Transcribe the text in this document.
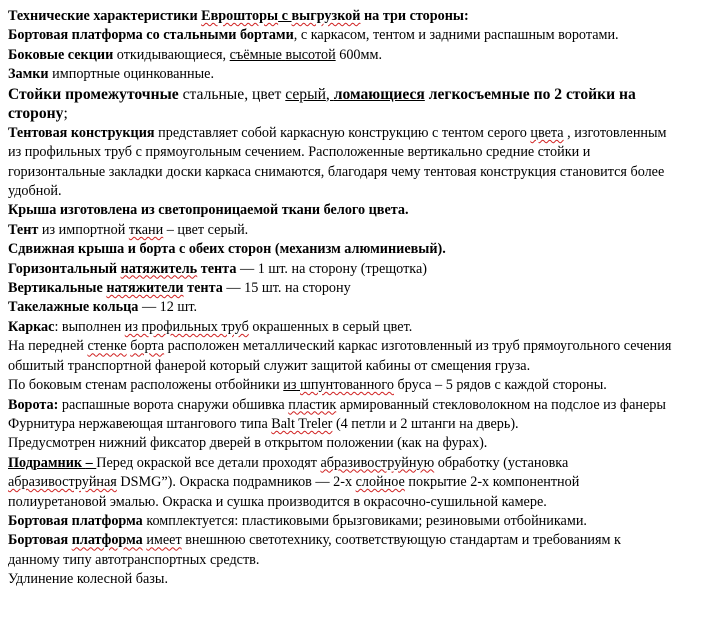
Технические характеристики Еврошторы с выгрузкой на три стороны:

Бортовая платформа со стальными бортами, с каркасом, тентом и задними распашным воротами.

Боковые секции откидывающиеся, съёмные высотой 600мм.

Замки импортные оцинкованные.

Стойки промежуточные стальные, цвет серый, ломающиеся легкосъемные по 2 стойки на

сторону;

Тентовая конструкция представляет собой каркасную конструкцию с тентом серого цвета , изготовленным

из профильных труб с прямоугольным сечением. Расположенные вертикально средние стойки и

горизонтальные закладки доски каркаса снимаются, благодаря чему тентовая конструкция становится более

удобной.

Крыша изготовлена из светопроницаемой ткани белого цвета.

Тент из импортной ткани – цвет серый.

Сдвижная крыша и борта с обеих сторон (механизм алюминиевый).

Горизонтальный натяжитель тента — 1 шт. на сторону (трещотка)

Вертикальные натяжители тента — 15 шт. на сторону

Такелажные кольца — 12 шт.

Каркас: выполнен из профильных труб окрашенных в серый цвет.

На передней стенке борта расположен металлический каркас изготовленный из труб прямоугольного сечения

обшитый транспортной фанерой который служит защитой кабины от смещения груза.

По боковым стенам расположены отбойники из шпунтованного бруса – 5 рядов с каждой стороны.

Ворота: распашные ворота снаружи обшивка пластик армированный стекловолокном на подслое из фанеры

Фурнитура нержавеющая штангового типа Balt Treler (4 петли и 2 штанги на дверь).

Предусмотрен нижний фиксатор дверей в открытом положении (как на фурах).

Подрамник – Перед окраской все детали проходят абразивоструйную обработку (установка

абразивоструйная DSMG”). Окраска подрамников — 2-х слойное покрытие 2-х компонентной

полиуретановой эмалью. Окраска и сушка производится в окрасочно-сушильной камере.

Бортовая платформа комплектуется: пластиковыми брызговиками; резиновыми отбойниками.

Бортовая платформа имеет внешнюю светотехнику, соответствующую стандартам и требованиям к

данному типу автотранспортных средств.

Удлинение колесной базы.
